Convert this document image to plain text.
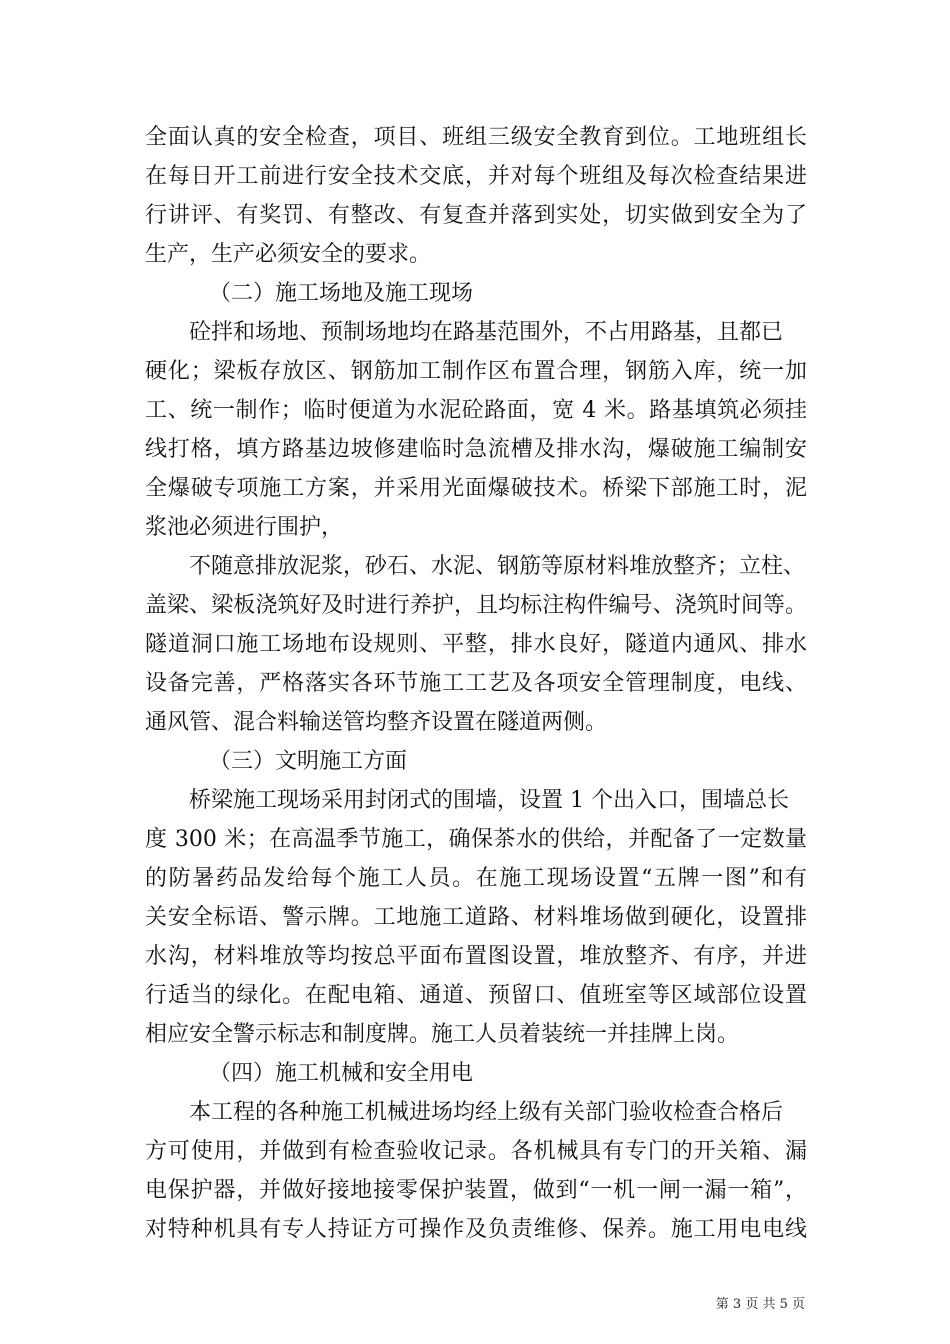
全面认真的安全检查，项目、班组三级安全教育到位。工地班组长

在每日开工前进行安全技术交底，并对每个班组及每次检查结果进

行讲评、有奖罚、有整改、有复查并落到实处，切实做到安全为了

生产，生产必须安全的要求。

（二）施工场地及施工现场

砼拌和场地、预制场地均在路基范围外，不占用路基，且都已

硬化；梁板存放区、钢筋加工制作区布置合理，钢筋入库，统一加

工、统一制作；临时便道为水泥砼路面，宽 4 米。路基填筑必须挂

线打格，填方路基边坡修建临时急流槽及排水沟，爆破施工编制安

全爆破专项施工方案，并采用光面爆破技术。桥梁下部施工时，泥

浆池必须进行围护，

不随意排放泥浆，砂石、水泥、钢筋等原材料堆放整齐；立柱、

盖梁、梁板浇筑好及时进行养护，且均标注构件编号、浇筑时间等。

隧道洞口施工场地布设规则、平整，排水良好，隧道内通风、排水

设备完善，严格落实各环节施工工艺及各项安全管理制度，电线、

通风管、混合料输送管均整齐设置在隧道两侧。

（三）文明施工方面

桥梁施工现场采用封闭式的围墙，设置 1 个出入口，围墙总长

度 300 米；在高温季节施工，确保茶水的供给，并配备了一定数量

的防暑药品发给每个施工人员。在施工现场设置“五牌一图”和有

关安全标语、警示牌。工地施工道路、材料堆场做到硬化，设置排

水沟，材料堆放等均按总平面布置图设置，堆放整齐、有序，并进

行适当的绿化。在配电箱、通道、预留口、值班室等区域部位设置

相应安全警示标志和制度牌。施工人员着装统一并挂牌上岗。

（四）施工机械和安全用电

本工程的各种施工机械进场均经上级有关部门验收检查合格后

方可使用，并做到有检查验收记录。各机械具有专门的开关箱、漏

电保护器，并做好接地接零保护装置，做到“一机一闸一漏一箱”，

对特种机具有专人持证方可操作及负责维修、保养。施工用电电线

第 3 页 共 5 页
